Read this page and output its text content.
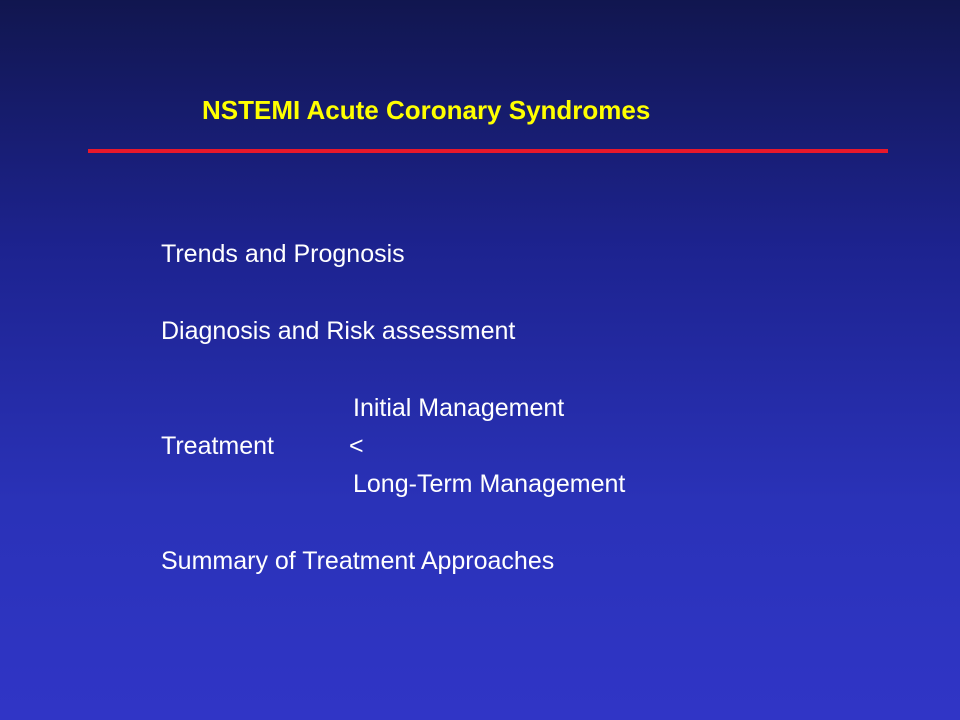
NSTEMI Acute Coronary Syndromes
Trends and Prognosis
Diagnosis and Risk assessment
Initial Management
Treatment	<
Long-Term Management
Summary of Treatment Approaches
